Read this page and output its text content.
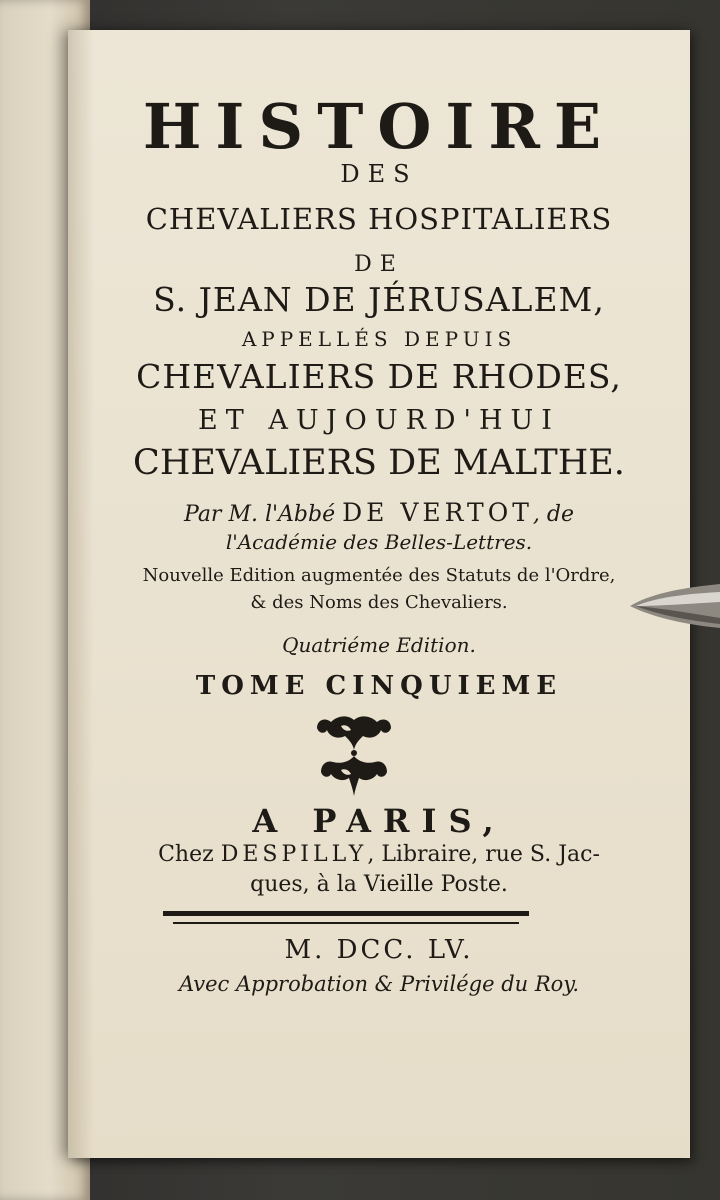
HISTOIRE
DES
CHEVALIERS HOSPITALIERS
DE
S. JEAN DE JÉRUSALEM,
APPELLÉS DEPUIS
CHEVALIERS DE RHODES,
ET AUJOURD'HUI
CHEVALIERS DE MALTHE.
Par M. l'Abbé DE VERTOT, de
l'Académie des Belles-Lettres.
Nouvelle Edition augmentée des Statuts de l'Ordre,
& des Noms des Chevaliers.
Quatriéme Edition.
TOME CINQUIEME
A PARIS,
Chez DESPILLY, Libraire, rue S. Jac-
ques, à la Vieille Poste.
M. DCC. LV.
Avec Approbation & Privilége du Roy.
